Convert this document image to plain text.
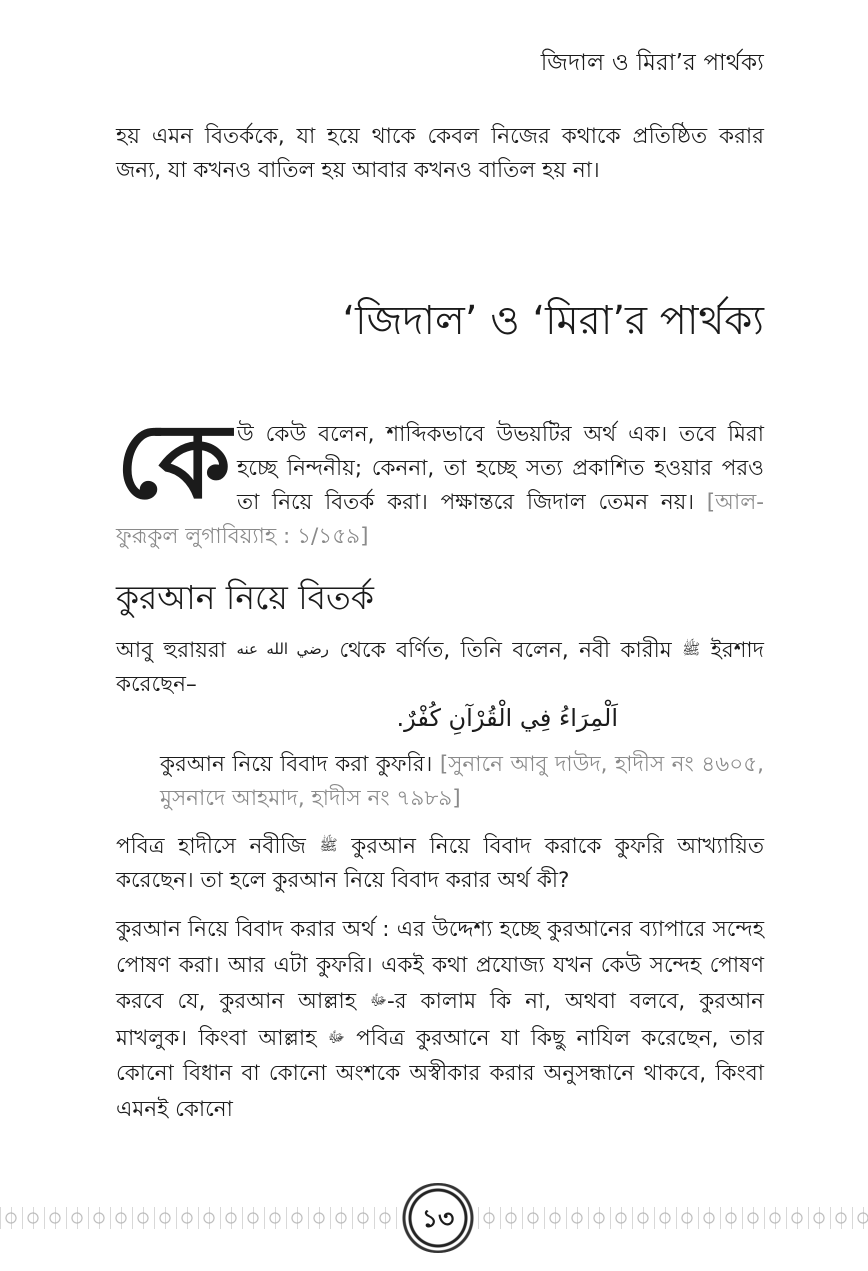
জিদাল ও মিরা’র পার্থক্য

হয় এমন বিতর্ককে, যা হয়ে থাকে কেবল নিজের কথাকে প্রতিষ্ঠিত করার জন্য, যা কখনও বাতিল হয় আবার কখনও বাতিল হয় না।

‘জিদাল’ ও ‘মিরা’র পার্থক্য

কেউ কেউ বলেন, শাব্দিকভাবে উভয়টির অর্থ এক। তবে মিরা হচ্ছে নিন্দনীয়; কেননা, তা হচ্ছে সত্য প্রকাশিত হওয়ার পরও তা নিয়ে বিতর্ক করা। পক্ষান্তরে জিদাল তেমন নয়। [আল-ফুরূকুল লুগাবিয়্যাহ : ১/১৫৯]

কুরআন নিয়ে বিতর্ক

আবু হুরায়রা رضي الله عنه থেকে বর্ণিত, তিনি বলেন, নবী কারীম ﷺ ইরশাদ করেছেন–

اَلْمِرَاءُ فِي الْقُرْآنِ كُفْرٌ.

কুরআন নিয়ে বিবাদ করা কুফরি। [সুনানে আবু দাউদ, হাদীস নং ৪৬০৫, মুসনাদে আহমাদ, হাদীস নং ৭৯৮৯]

পবিত্র হাদীসে নবীজি ﷺ কুরআন নিয়ে বিবাদ করাকে কুফরি আখ্যায়িত করেছেন। তা হলে কুরআন নিয়ে বিবাদ করার অর্থ কী?

কুরআন নিয়ে বিবাদ করার অর্থ : এর উদ্দেশ্য হচ্ছে কুরআনের ব্যাপারে সন্দেহ পোষণ করা। আর এটা কুফরি। একই কথা প্রযোজ্য যখন কেউ সন্দেহ পোষণ করবে যে, কুরআন আল্লাহ ﷻ-র কালাম কি না, অথবা বলবে, কুরআন মাখলুক। কিংবা আল্লাহ ﷻ পবিত্র কুরআনে যা কিছু নাযিল করেছেন, তার কোনো বিধান বা কোনো অংশকে অস্বীকার করার অনুসন্ধানে থাকবে, কিংবা এমনই কোনো

১৩
